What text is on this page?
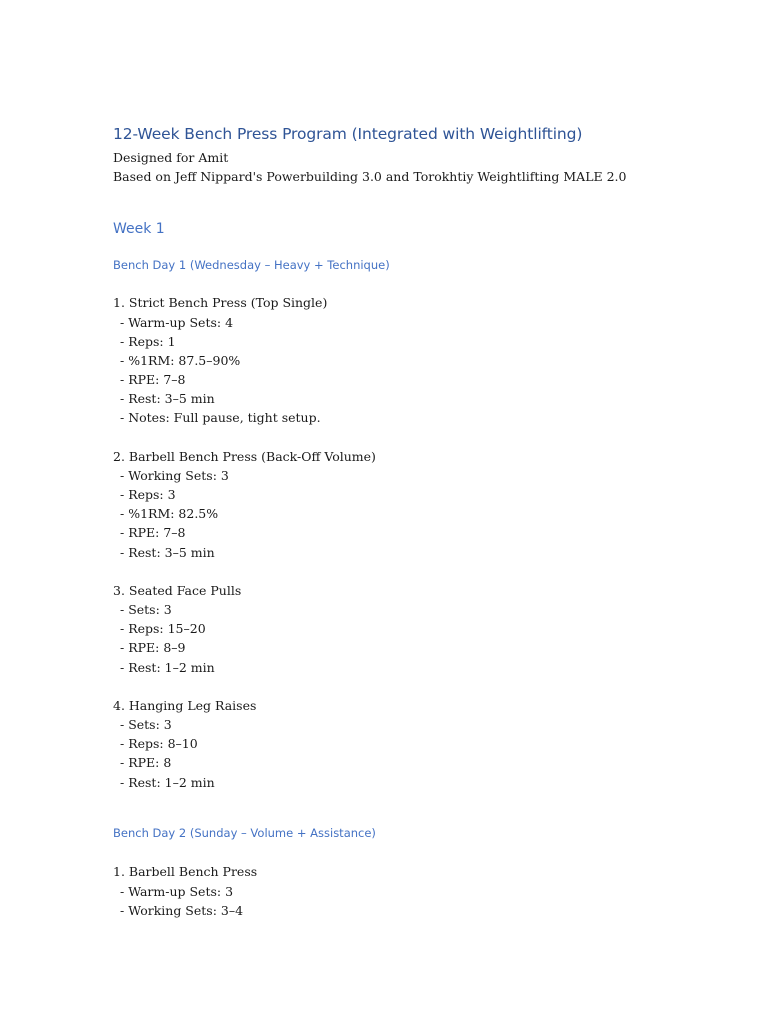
12-Week Bench Press Program (Integrated with Weightlifting)

Designed for Amit

Based on Jeff Nippard's Powerbuilding 3.0 and Torokhtiy Weightlifting MALE 2.0

Week 1
Bench Day 1 (Wednesday – Heavy + Technique)

1. Strict Bench Press (Top Single)

- Warm-up Sets: 4

- Reps: 1

- %1RM: 87.5–90%

- RPE: 7–8

- Rest: 3–5 min

- Notes: Full pause, tight setup.

2. Barbell Bench Press (Back-Off Volume)

- Working Sets: 3

- Reps: 3

- %1RM: 82.5%

- RPE: 7–8

- Rest: 3–5 min

3. Seated Face Pulls

- Sets: 3

- Reps: 15–20

- RPE: 8–9

- Rest: 1–2 min

4. Hanging Leg Raises

- Sets: 3

- Reps: 8–10

- RPE: 8

- Rest: 1–2 min

Bench Day 2 (Sunday – Volume + Assistance)

1. Barbell Bench Press

- Warm-up Sets: 3

- Working Sets: 3–4
